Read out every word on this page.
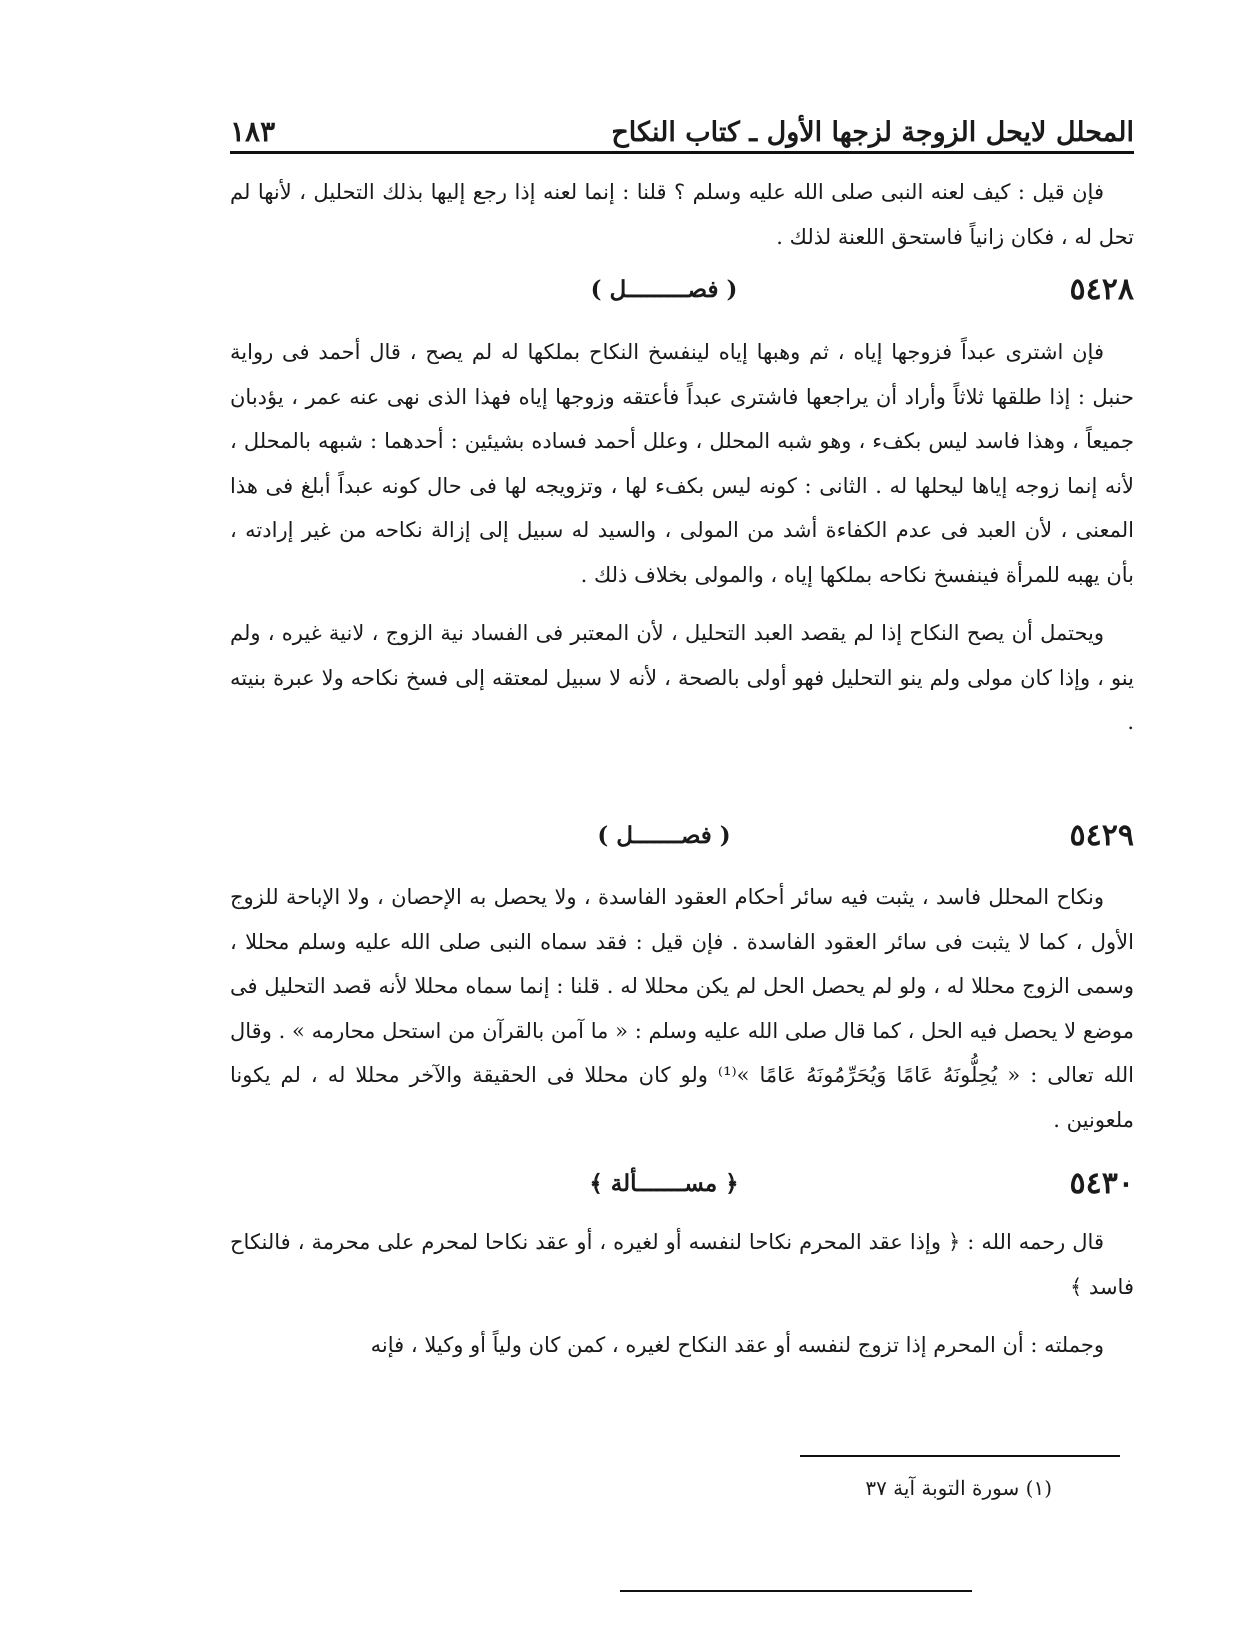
المحلل لايحل الزوجة لزجها الأول ـ كتاب النكاح
١٨٣

فإن قيل : كيف لعنه النبى صلى الله عليه وسلم ؟ قلنا : إنما لعنه إذا رجع إليها بذلك التحليل ، لأنها لم تحل له ، فكان زانياً فاستحق اللعنة لذلك .

٥٤٢٨
( فصـــــــــل )

فإن اشترى عبداً فزوجها إياه ، ثم وهبها إياه لينفسخ النكاح بملكها له لم يصح ، قال أحمد فى رواية حنبل : إذا طلقها ثلاثاً وأراد أن يراجعها فاشترى عبداً فأعتقه وزوجها إياه فهذا الذى نهى عنه عمر ، يؤدبان جميعاً ، وهذا فاسد ليس بكفء ، وهو شبه المحلل ، وعلل أحمد فساده بشيئين : أحدهما : شبهه بالمحلل ، لأنه إنما زوجه إياها ليحلها له . الثانى : كونه ليس بكفء لها ، وتزويجه لها فى حال كونه عبداً أبلغ فى هذا المعنى ، لأن العبد فى عدم الكفاءة أشد من المولى ، والسيد له سبيل إلى إزالة نكاحه من غير إرادته ، بأن يهبه للمرأة فينفسخ نكاحه بملكها إياه ، والمولى بخلاف ذلك .

ويحتمل أن يصح النكاح إذا لم يقصد العبد التحليل ، لأن المعتبر فى الفساد نية الزوج ، لانية غيره ، ولم ينو ، وإذا كان مولى ولم ينو التحليل فهو أولى بالصحة ، لأنه لا سبيل لمعتقه إلى فسخ نكاحه ولا عبرة بنيته .

٥٤٢٩
( فصـــــــل )

ونكاح المحلل فاسد ، يثبت فيه سائر أحكام العقود الفاسدة ، ولا يحصل به الإحصان ، ولا الإباحة للزوج الأول ، كما لا يثبت فى سائر العقود الفاسدة . فإن قيل : فقد سماه النبى صلى الله عليه وسلم محللا ، وسمى الزوج محللا له ، ولو لم يحصل الحل لم يكن محللا له . قلنا : إنما سماه محللا لأنه قصد التحليل فى موضع لا يحصل فيه الحل ، كما قال صلى الله عليه وسلم : « ما آمن بالقرآن من استحل محارمه » . وقال الله تعالى : « يُحِلُّونَهُ عَامًا وَيُحَرِّمُونَهُ عَامًا »⁽¹⁾ ولو كان محللا فى الحقيقة والآخر محللا له ، لم يكونا ملعونين .

٥٤٣٠
﴿ مســـــــألة ﴾

قال رحمه الله : ﴿ وإذا عقد المحرم نكاحا لنفسه أو لغيره ، أو عقد نكاحا لمحرم على محرمة ، فالنكاح فاسد ﴾

وجملته : أن المحرم إذا تزوج لنفسه أو عقد النكاح لغيره ، كمن كان ولياً أو وكيلا ، فإنه

(١) سورة التوبة آية ٣٧
